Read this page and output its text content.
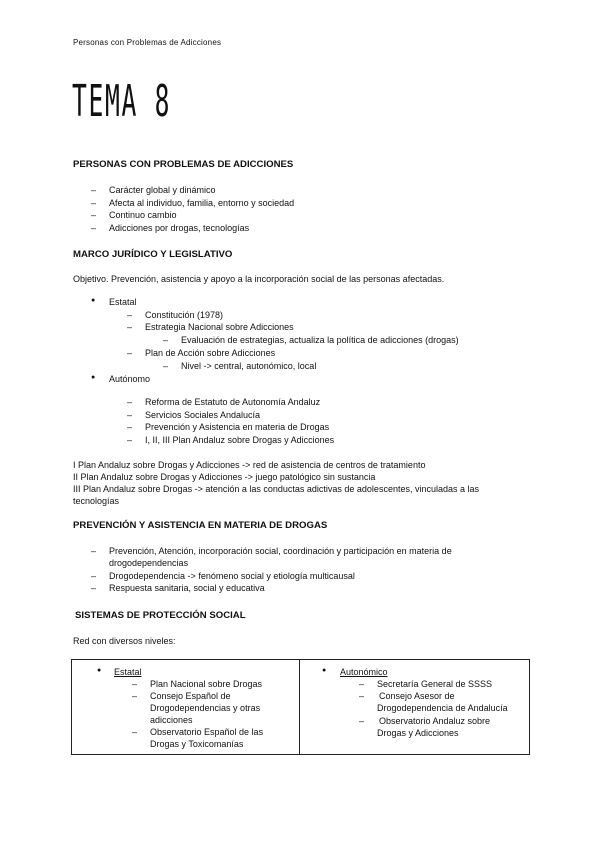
Personas con Problemas de Adicciones
TEMA 8
PERSONAS CON PROBLEMAS DE ADICCIONES
– Carácter global y dinámico
– Afecta al individuo, familia, entorno y sociedad
– Continuo cambio
– Adicciones por drogas, tecnologías
MARCO JURÍDICO Y LEGISLATIVO
Objetivo. Prevención, asistencia y apoyo a la incorporación social de las personas afectadas.
● Estatal
– Constitución (1978)
– Estrategia Nacional sobre Adicciones
– Evaluación de estrategias, actualiza la política de adicciones (drogas)
– Plan de Acción sobre Adicciones
– Nivel -> central, autonómico, local
● Autónomo
– Reforma de Estatuto de Autonomía Andaluz
– Servicios Sociales Andalucía
– Prevención y Asistencia en materia de Drogas
– I, II, III Plan Andaluz sobre Drogas y Adicciones
I Plan Andaluz sobre Drogas y Adicciones -> red de asistencia de centros de tratamiento
II Plan Andaluz sobre Drogas y Adicciones -> juego patológico sin sustancia
III Plan Andaluz sobre Drogas -> atención a las conductas adictivas de adolescentes, vinculadas a las
tecnologías
PREVENCIÓN Y ASISTENCIA EN MATERIA DE DROGAS
– Prevención, Atención, incorporación social, coordinación y participación en materia de
drogodependencias
– Drogodependencia -> fenómeno social y etiología multicausal
– Respuesta sanitaria, social y educativa
SISTEMAS DE PROTECCIÓN SOCIAL
Red con diversos niveles:
● Estatal
– Plan Nacional sobre Drogas
– Consejo Español de
Drogodependencias y otras
adicciones
– Observatorio Español de las
Drogas y Toxicomanías
● Autonómico
– Secretaría General de SSSS
– Consejo Asesor de
Drogodependencia de Andalucía
– Observatorio Andaluz sobre
Drogas y Adicciones
